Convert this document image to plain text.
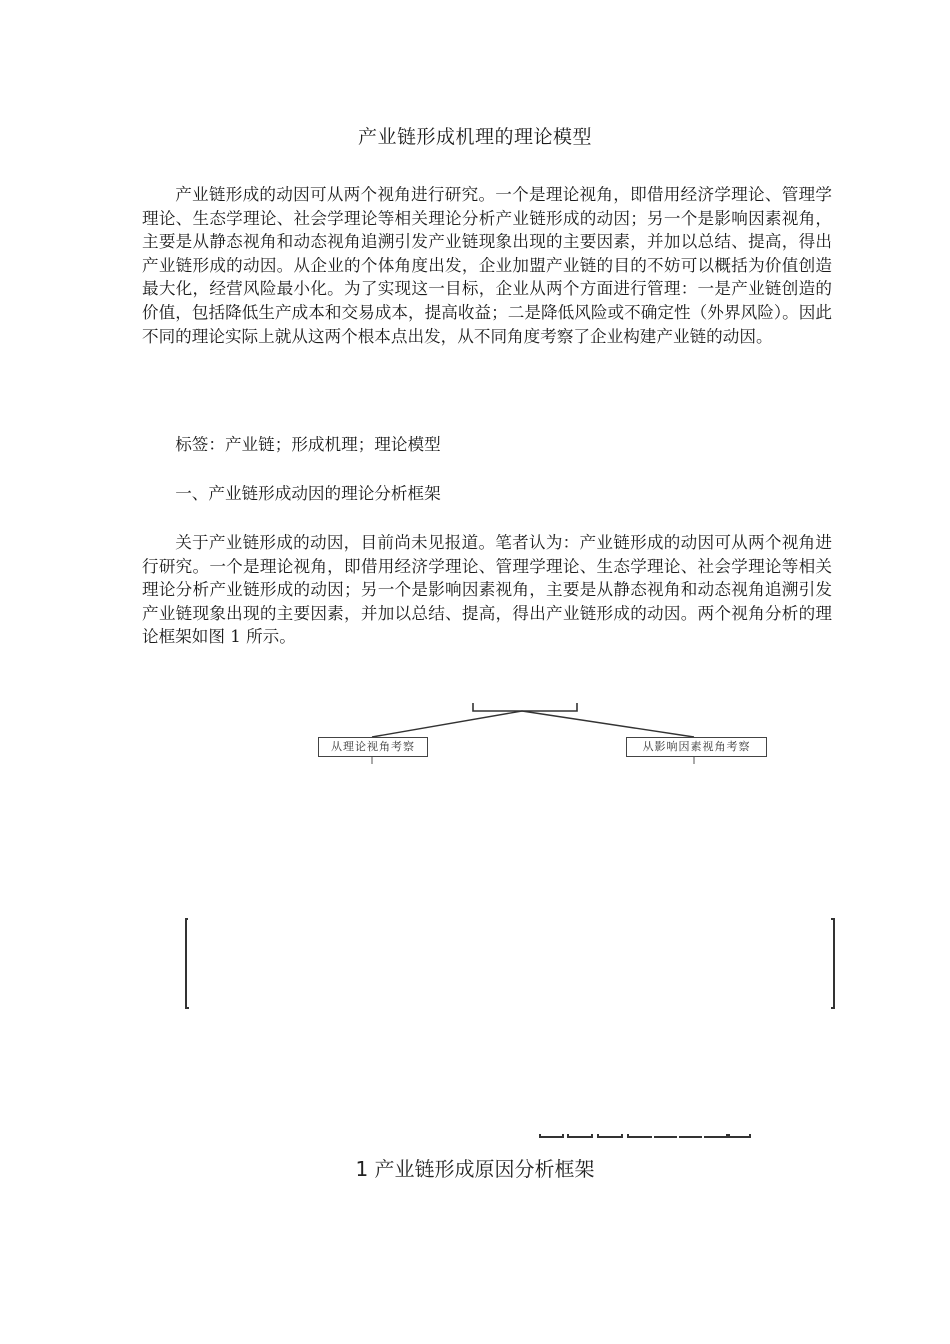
产业链形成机理的理论模型

产业链形成的动因可从两个视角进行研究。一个是理论视角，即借用经济学理论、管理学理论、生态学理论、社会学理论等相关理论分析产业链形成的动因；另一个是影响因素视角，主要是从静态视角和动态视角追溯引发产业链现象出现的主要因素，并加以总结、提高，得出产业链形成的动因。从企业的个体角度出发，企业加盟产业链的目的不妨可以概括为价值创造最大化，经营风险最小化。为了实现这一目标，企业从两个方面进行管理：一是产业链创造的价值，包括降低生产成本和交易成本，提高收益；二是降低风险或不确定性（外界风险）。因此不同的理论实际上就从这两个根本点出发，从不同角度考察了企业构建产业链的动因。

标签：产业链；形成机理；理论模型

一、产业链形成动因的理论分析框架

关于产业链形成的动因，目前尚未见报道。笔者认为：产业链形成的动因可从两个视角进行研究。一个是理论视角，即借用经济学理论、管理学理论、生态学理论、社会学理论等相关理论分析产业链形成的动因；另一个是影响因素视角，主要是从静态视角和动态视角追溯引发产业链现象出现的主要因素，并加以总结、提高，得出产业链形成的动因。两个视角分析的理论框架如图 1 所示。

从理论视角考察	从影响因素视角考察
1 产业链形成原因分析框架
